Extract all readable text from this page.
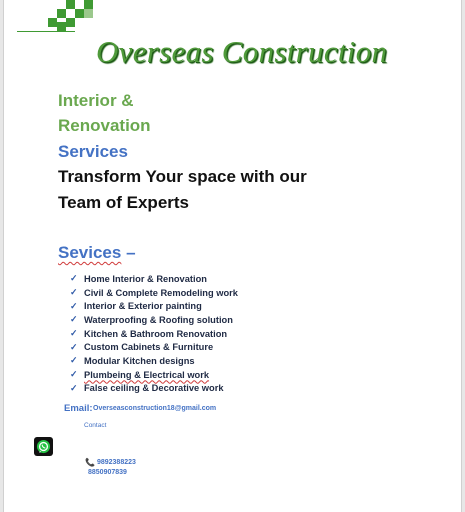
Overseas Construction
Interior &
Renovation
Services
Transform Your space with our
Team of Experts
Sevices –
✓ Home Interior & Renovation
✓ Civil & Complete Remodeling work
✓ Interior & Exterior painting
✓ Waterproofing & Roofing solution
✓ Kitchen & Bathroom Renovation
✓ Custom Cabinets & Furniture
✓ Modular Kitchen designs
✓ Plumbeing & Electrical work
✓ False ceiling & Decorative work
Email: Overseasconstruction18@gmail.com
Contact
📞 9892388223
8850907839
